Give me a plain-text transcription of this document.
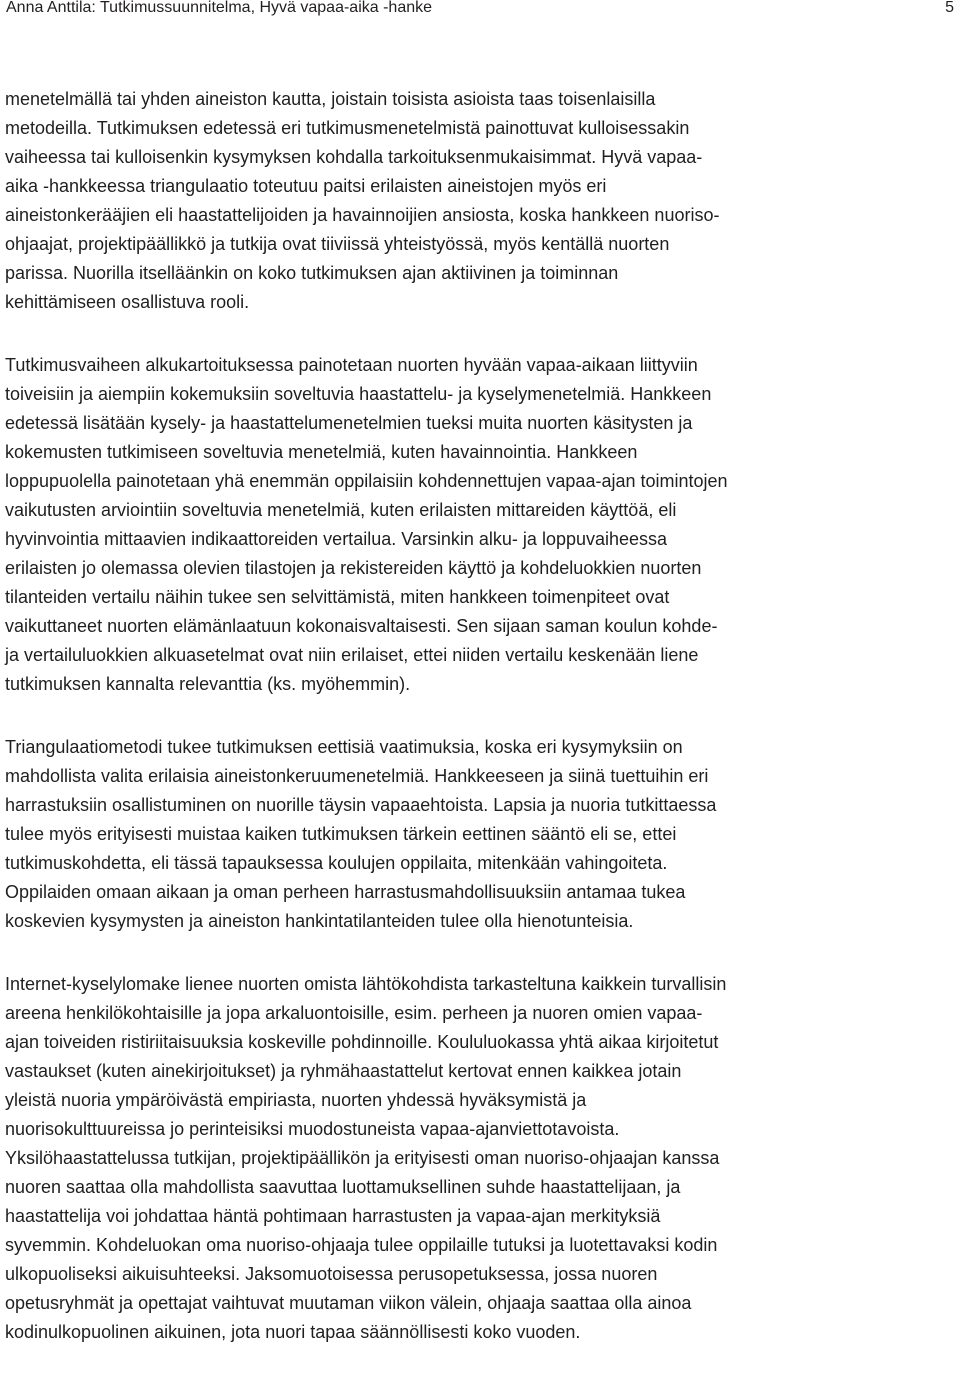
Anna Anttila: Tutkimussuunnitelma, Hyvä vapaa-aika -hanke	5
menetelmällä tai yhden aineiston kautta, joistain toisista asioista taas toisenlaisilla
metodeilla. Tutkimuksen edetessä eri tutkimusmenetelmistä painottuvat kulloisessakin
vaiheessa tai kulloisenkin kysymyksen kohdalla tarkoituksenmukaisimmat. Hyvä vapaa-
aika -hankkeessa triangulaatio toteutuu paitsi erilaisten aineistojen myös eri
aineistonkerääjien eli haastattelijoiden ja havainnoijien ansiosta, koska hankkeen nuoriso-
ohjaajat, projektipäällikkö ja tutkija ovat tiiviissä yhteistyössä, myös kentällä nuorten
parissa. Nuorilla itselläänkin on koko tutkimuksen ajan aktiivinen ja toiminnan
kehittämiseen osallistuva rooli.
Tutkimusvaiheen alkukartoituksessa painotetaan nuorten hyvään vapaa-aikaan liittyviin
toiveisiin ja aiempiin kokemuksiin soveltuvia haastattelu- ja kyselymenetelmiä. Hankkeen
edetessä lisätään kysely- ja haastattelumenetelmien tueksi muita nuorten käsitysten ja
kokemusten tutkimiseen soveltuvia menetelmiä, kuten havainnointia. Hankkeen
loppupuolella painotetaan yhä enemmän oppilaisiin kohdennettujen vapaa-ajan toimintojen
vaikutusten arviointiin soveltuvia menetelmiä, kuten erilaisten mittareiden käyttöä, eli
hyvinvointia mittaavien indikaattoreiden vertailua. Varsinkin alku- ja loppuvaiheessa
erilaisten jo olemassa olevien tilastojen ja rekistereiden käyttö ja kohdeluokkien nuorten
tilanteiden vertailu näihin tukee sen selvittämistä, miten hankkeen toimenpiteet ovat
vaikuttaneet nuorten elämänlaatuun kokonaisvaltaisesti. Sen sijaan saman koulun kohde-
ja vertailuluokkien alkuasetelmat ovat niin erilaiset, ettei niiden vertailu keskenään liene
tutkimuksen kannalta relevanttia (ks. myöhemmin).
Triangulaatiometodi tukee tutkimuksen eettisiä vaatimuksia, koska eri kysymyksiin on
mahdollista valita erilaisia aineistonkeruumenetelmiä. Hankkeeseen ja siinä tuettuihin eri
harrastuksiin osallistuminen on nuorille täysin vapaaehtoista. Lapsia ja nuoria tutkittaessa
tulee myös erityisesti muistaa kaiken tutkimuksen tärkein eettinen sääntö eli se, ettei
tutkimuskohdetta, eli tässä tapauksessa koulujen oppilaita, mitenkään vahingoiteta.
Oppilaiden omaan aikaan ja oman perheen harrastusmahdollisuuksiin antamaa tukea
koskevien kysymysten ja aineiston hankintatilanteiden tulee olla hienotunteisia.
Internet-kyselylomake lienee nuorten omista lähtökohdista tarkasteltuna kaikkein turvallisin
areena henkilökohtaisille ja jopa arkaluontoisille, esim. perheen ja nuoren omien vapaa-
ajan toiveiden ristiriitaisuuksia koskeville pohdinnoille. Koululuokassa yhtä aikaa kirjoitetut
vastaukset (kuten ainekirjoitukset) ja ryhmähaastattelut kertovat ennen kaikkea jotain
yleistä nuoria ympäröivästä empiriasta, nuorten yhdessä hyväksymistä ja
nuorisokulttuureissa jo perinteisiksi muodostuneista vapaa-ajanviettotavoista.
Yksilöhaastattelussa tutkijan, projektipäällikön ja erityisesti oman nuoriso-ohjaajan kanssa
nuoren saattaa olla mahdollista saavuttaa luottamuksellinen suhde haastattelijaan, ja
haastattelija voi johdattaa häntä pohtimaan harrastusten ja vapaa-ajan merkityksiä
syvemmin. Kohdeluokan oma nuoriso-ohjaaja tulee oppilaille tutuksi ja luotettavaksi kodin
ulkopuoliseksi aikuisuhteeksi. Jaksomuotoisessa perusopetuksessa, jossa nuoren
opetusryhmät ja opettajat vaihtuvat muutaman viikon välein, ohjaaja saattaa olla ainoa
kodinulkopuolinen aikuinen, jota nuori tapaa säännöllisesti koko vuoden.
